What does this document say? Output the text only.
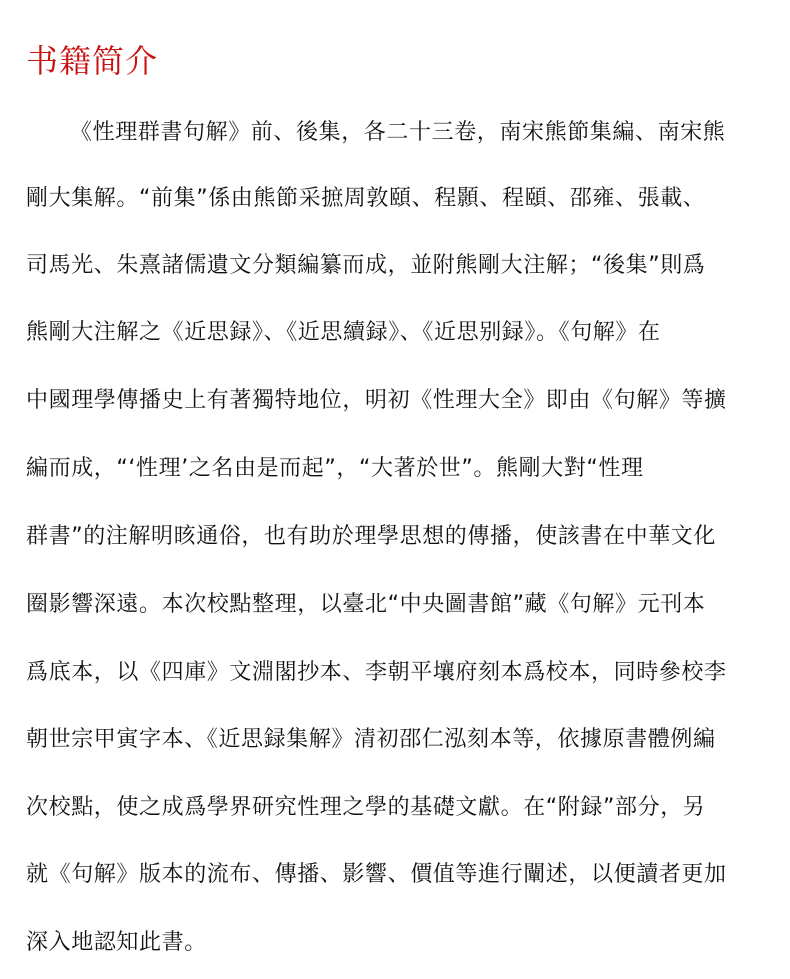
书籍简介

《性理群書句解》前、後集，各二十三卷，南宋熊節集編、南宋熊

剛大集解。“前集”係由熊節采摭周敦頤、程顥、程頤、邵雍、張載、

司馬光、朱熹諸儒遺文分類編纂而成，並附熊剛大注解；“後集”則爲

熊剛大注解之《近思録》、《近思續録》、《近思别録》。《句解》在

中國理學傳播史上有著獨特地位，明初《性理大全》即由《句解》等擴

編而成，“‘性理’之名由是而起”，“大著於世”。熊剛大對“性理

群書”的注解明晐通俗，也有助於理學思想的傳播，使該書在中華文化

圈影響深遠。本次校點整理，以臺北“中央圖書館”藏《句解》元刊本

爲底本，以《四庫》文淵閣抄本、李朝平壤府刻本爲校本，同時參校李

朝世宗甲寅字本、《近思録集解》清初邵仁泓刻本等，依據原書體例編

次校點，使之成爲學界研究性理之學的基礎文獻。在“附録”部分，另

就《句解》版本的流布、傳播、影響、價值等進行闡述，以便讀者更加

深入地認知此書。
